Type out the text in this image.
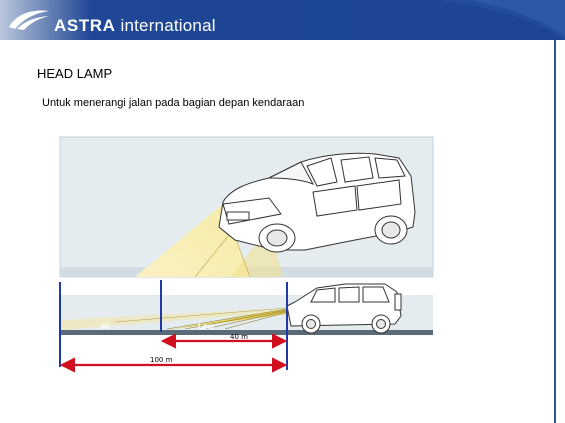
ASTRA international
HEAD LAMP
Untuk menerangi jalan pada bagian depan kendaraan
Hi	Low
40 m
100 m
